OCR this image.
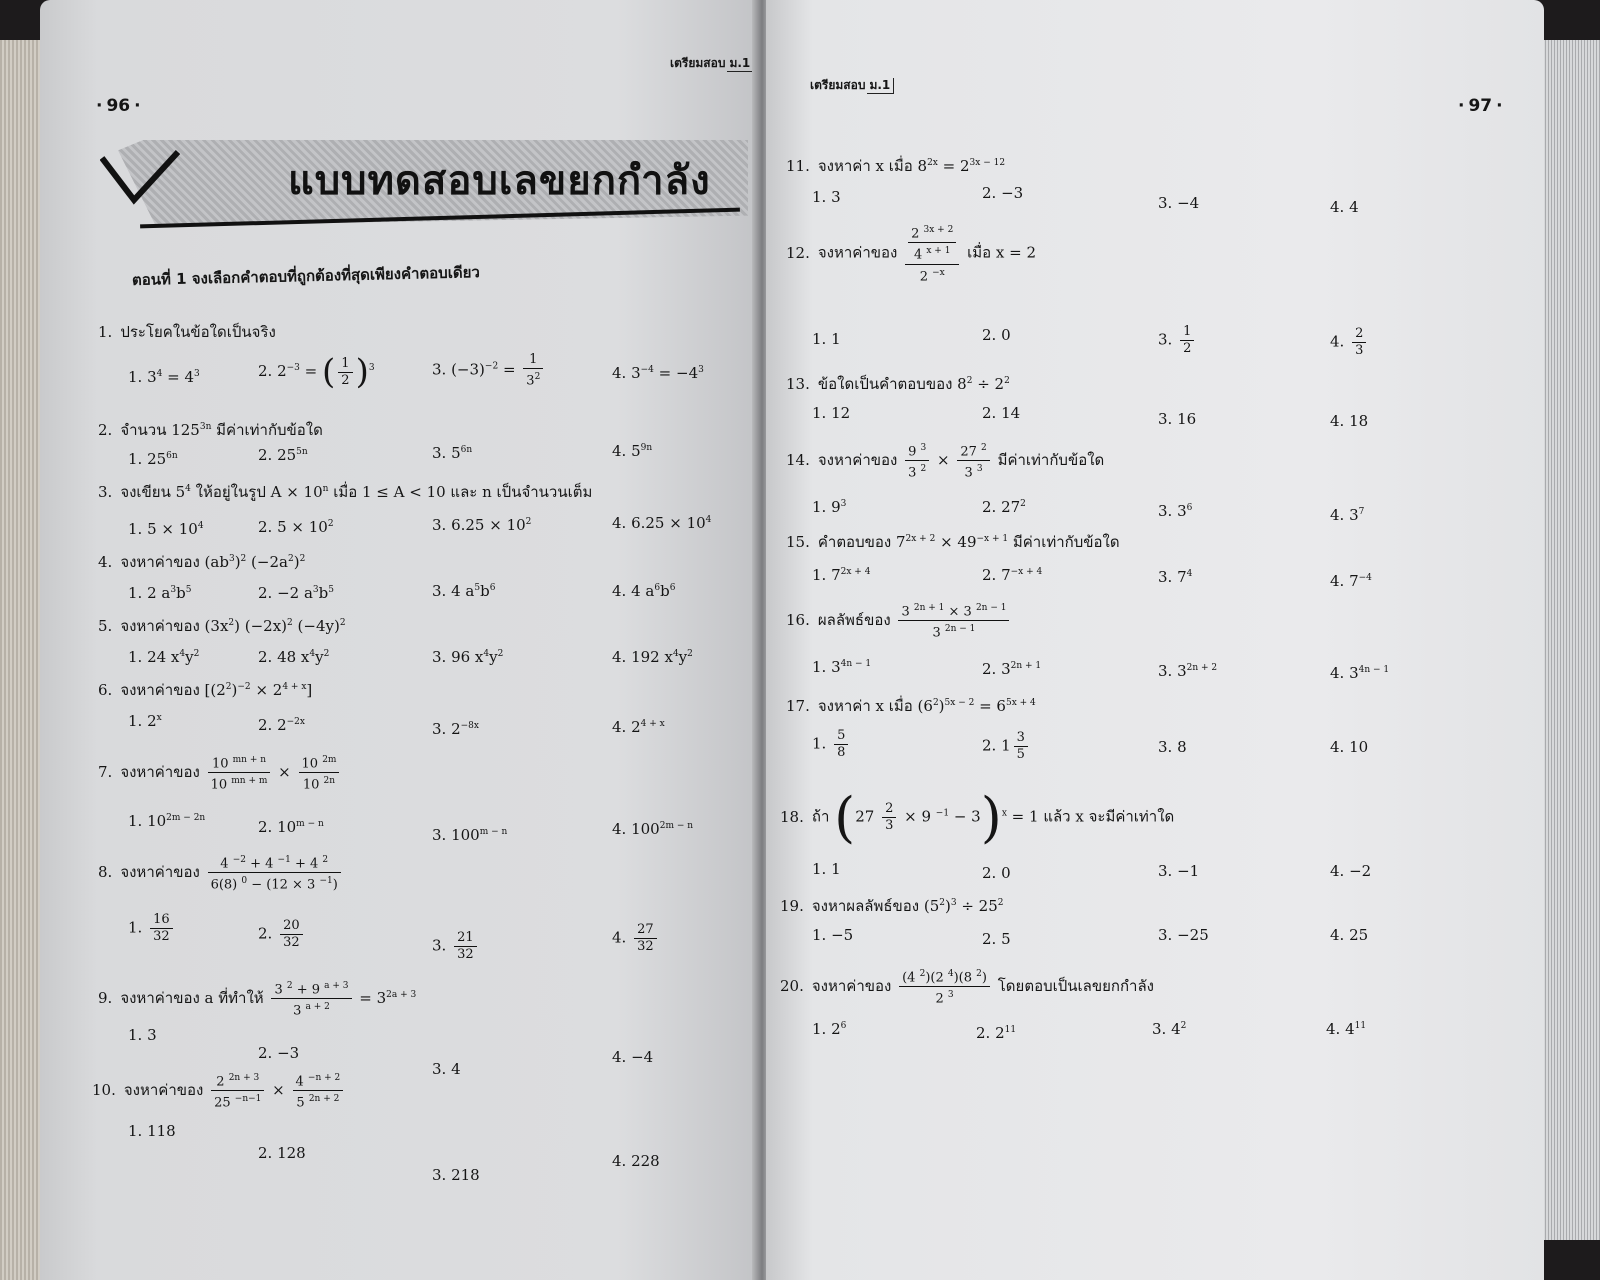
· 96 ·
เตรียมสอบ ม.1
แบบทดสอบเลขยกกำลัง
ตอนที่ 1 จงเลือกคำตอบที่ถูกต้องที่สุดเพียงคำตอบเดียว
1. ประโยคในข้อใดเป็นจริง
1. $3^4 = 4^3$	2. $2^{-3}$ = ( $\frac{1}{2} )^3$	3. $(-3)^{-2} = \frac{1}{3^2}$	4. $3^{-4} = -4^3$
2. จำนวน $125^{3n}$ มีค่าเท่ากับข้อใด
1. $25^{6n}$	2. $25^{5n}$	3. $5^{6n}$	4. $5^{9n}$
3. จงเขียน $5^4$ ให้อยู่ในรูป $A \times 10^n$ เมื่อ 1 ≤ A < 10 และ n เป็นจำนวนเต็ม
1. $5 \times 10^4$	2. $5 \times 10^2$	3. $6.25 \times 10^2$	4. $6.25 \times 10^4$
4. จงหาค่าของ $(ab^3)^2$ $(-2a^2)^2$
1. 2 $a^3b^5$	2. −2 $a^3b^5$	3. 4 $a^5b^6$	4. 4 $a^6b^6$
5. จงหาค่าของ $(3x^2)$ $(-2x)^2$ $(-4y)^2$
1. 24 $x^4y^2$	2. 48 $x^4y^2$	3. 96 $x^4y^2$	4. 192 $x^4y^2$
6. จงหาค่าของ $[(2^2)^{-2} \times 2^{4 + x}]$
1. 2$^x$	2. $2^{-2x}$	3. $2^{-8x}$	4. $2^{4 + x}$
7. จงหาค่าของ $\frac{10 ^{mn + n}}{10 ^{mn + m}} \times \frac{10 ^{2m}}{10 ^{2n}}$
1. $10^{2m - 2n}$	2. $10^{m - n}$
3. $100^{m - n}$	4. $100^{2m - n}$
8. จงหาค่าของ $\frac{4 ^{-2} + 4 ^{-1} + 4 ^2}{6(8) ^0 - (12 \times 3 ^{-1})}$
1. $\frac{16}{32}$	2. $\frac{20}{32}$	3. $\frac{21}{32}$	4. $\frac{27}{32}$
9. จงหาค่าของ a ที่ทำให้ $\frac{3 ^2 + 9 ^{a + 3}}{3 ^{a + 2}} = 3^{2a + 3}$
1. 3
2. −3
3. 4
4. −4
10. จงหาค่าของ $\frac{2 ^{2n + 3}}{25 ^{-n-1}} \times \frac{4 ^{-n + 2}}{5 ^{2n + 2}}$
1. 118
2. 128
3. 218
4. 228
เตรียมสอบ ม.1
· 97 ·
11. จงหาค่า x เมื่อ $8^{2x} = 2^{3x - 12}$
1. 3	2. −3
3. −4	4. 4
12. จงหาค่าของ $\frac{\frac{2 ^{3x + 2}}{4 ^{x + 1}}}{2 ^{-x}}$ เมื่อ x = 2
1. 1	2. 0	3. $\frac{1}{2}$	4. $\frac{2}{3}$
13. ข้อใดเป็นคำตอบของ $8^2 \div 2^2$
1. 12	2. 14	3. 16	4. 18
14. จงหาค่าของ $\frac{9 ^3}{3 ^2} \times \frac{27 ^2}{3 ^3}$ มีค่าเท่ากับข้อใด
1. $9^3$	2. $27^2$	3. $3^6$	4. $3^7$
15. คำตอบของ $7^{2x + 2} \times 49^{-x + 1}$ มีค่าเท่ากับข้อใด
1. $7^{2x + 4}$	2. $7^{-x + 4}$	3. $7^4$	4. $7^{-4}$
16. ผลลัพธ์ของ $\frac{3 ^{2n + 1} \times 3 ^{2n - 1}}{3 ^{2n - 1}}$
1. $3^{4n - 1}$	2. $3^{2n + 1}$	3. $3^{2n + 2}$	4. $3^{4n - 1}$
17. จงหาค่า x เมื่อ $(6^2)^{5x - 2} = 6^{5x + 4}$
1. $\frac{5}{8}$	2. $1 \frac{3}{5}$	3. 8	4. 10
18. ถ้า ($27 \frac{2}{3} \times 9$ $^{-1}$ − 3)$^x$ = 1 แล้ว x จะมีค่าเท่าใด
1. 1	2. 0	3. −1	4. −2
19. จงหาผลลัพธ์ของ $(5^2)^3 \div 25^2$
1. −5	2. 5	3. −25	4. 25
20. จงหาค่าของ $\frac{(4 ^2)(2 ^4)(8 ^2)}{2 ^3}$ โดยตอบเป็นเลขยกกำลัง
1. $2^6$	2. $2^{11}$	3. $4^2$	4. $4^{11}$
